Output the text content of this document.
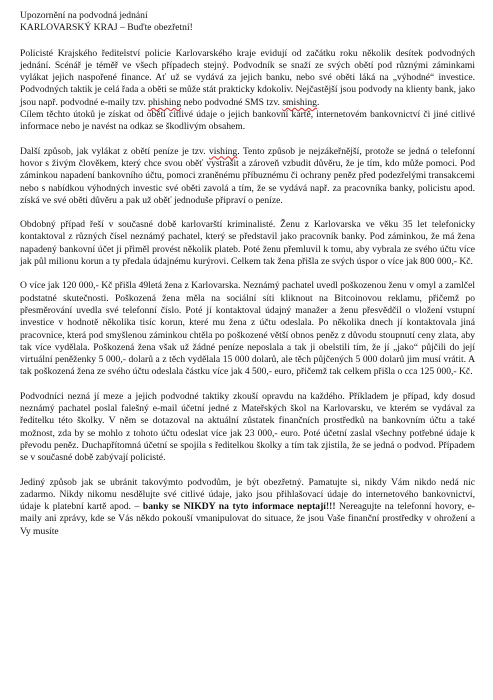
Upozornění na podvodná jednání
KARLOVARSKÝ KRAJ – Buďte obezřetní!

Policisté Krajského ředitelství policie Karlovarského kraje evidují od začátku roku několik desítek podvodných jednání. Scénář je téměř ve všech případech stejný. Podvodník se snaží ze svých obětí pod různými záminkami vylákat jejich naspořené finance. Ať už se vydává za jejich banku, nebo své oběti láká na „výhodné“ investice. Podvodných taktik je celá řada a oběti se může stát prakticky kdokoliv. Nejčastější jsou podvody na klienty bank, jako jsou např. podvodné e-maily tzv. phishing nebo podvodné SMS tzv. smishing.

Cílem těchto útoků je získat od oběti citlivé údaje o jejich bankovní kartě, internetovém bankovnictví či jiné citlivé informace nebo je navést na odkaz se škodlivým obsahem.

Další způsob, jak vylákat z obětí peníze je tzv. vishing. Tento způsob je nejzákeřnější, protože se jedná o telefonní hovor s živým člověkem, který chce svou oběť vystrašit a zároveň vzbudit důvěru, že je tím, kdo může pomoci. Pod záminkou napadení bankovního účtu, pomoci zraněnému příbuznému či ochrany peněz před podezřelými transakcemi nebo s nabídkou výhodných investic své oběti zavolá a tím, že se vydává např. za pracovníka banky, policistu apod. získá ve své oběti důvěru a pak už oběť jednoduše připraví o peníze.

Obdobný případ řeší v současné době karlovarští kriminalisté. Ženu z Karlovarska ve věku 35 let telefonicky kontaktoval z různých čísel neznámý pachatel, který se představil jako pracovník banky. Pod záminkou, že má žena napadený bankovní účet ji přiměl provést několik plateb. Poté ženu přemluvil k tomu, aby vybrala ze svého účtu více jak půl milionu korun a ty předala údajnému kurýrovi. Celkem tak žena přišla ze svých úspor o více jak 800 000,- Kč.

O více jak 120 000,- Kč přišla 49letá žena z Karlovarska. Neznámý pachatel uvedl poškozenou ženu v omyl a zamlčel podstatné skutečnosti. Poškozená žena měla na sociální síti kliknout na Bitcoinovou reklamu, přičemž po přesměrování uvedla své telefonní číslo. Poté jí kontaktoval údajný manažer a ženu přesvědčil o vložení vstupní investice v hodnotě několika tisíc korun, které mu žena z účtu odeslala. Po několika dnech jí kontaktovala jiná pracovnice, která pod smyšlenou záminkou chtěla po poškozené větší obnos peněz z důvodu stoupnutí ceny zlata, aby tak více vydělala. Poškozená žena však už žádné peníze neposlala a tak ji obelstili tím, že jí „jako“ půjčili do její virtuální peněženky 5 000,- dolarů a z těch vydělala 15 000 dolarů, ale těch půjčených 5 000 dolarů jim musí vrátit. A tak poškozená žena ze svého účtu odeslala částku více jak 4 500,- euro, přičemž tak celkem přišla o cca 125 000,- Kč.

Podvodníci nezná jí meze a jejich podvodné taktiky zkouší opravdu na každého. Příkladem je případ, kdy dosud neznámý pachatel poslal falešný e-mail účetní jedné z Mateřských škol na Karlovarsku, ve kterém se vydával za ředitelku této školky. V něm se dotazoval na aktuální zůstatek finančních prostředků na bankovním účtu a také možnost, zda by se mohlo z tohoto účtu odeslat více jak 23 000,- euro. Poté účetní zaslal všechny potřebné údaje k převodu peněz. Duchapřítomná účetní se spojila s ředitelkou školky a tím tak zjistila, že se jedná o podvod. Případem se v současné době zabývají policisté.

Jediný způsob jak se ubránit takovýmto podvodům, je být obezřetný. Pamatujte si, nikdy Vám nikdo nedá nic zadarmo. Nikdy nikomu nesdělujte své citlivé údaje, jako jsou přihlašovací údaje do internetového bankovnictví, údaje k platební kartě apod. – banky se NIKDY na tyto informace neptají!!! Nereagujte na telefonní hovory, e-maily ani zprávy, kde se Vás někdo pokouší vmanipulovat do situace, že jsou Vaše finanční prostředky v ohrožení a Vy musíte
